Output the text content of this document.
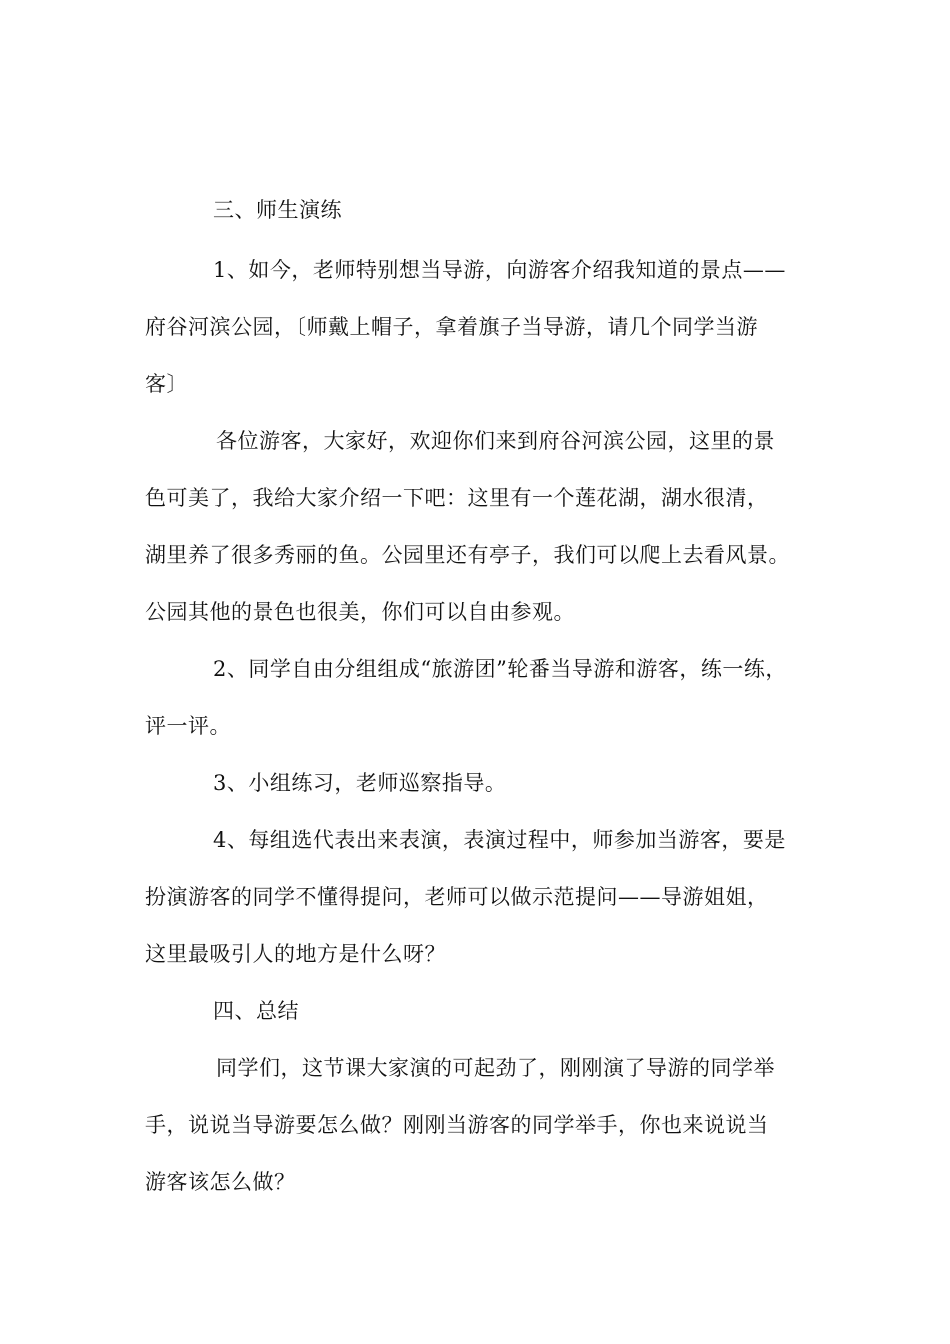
三、师生演练
1、如今，老师特别想当导游，向游客介绍我知道的景点——
府谷河滨公园，〔师戴上帽子，拿着旗子当导游，请几个同学当游
客〕
各位游客，大家好，欢迎你们来到府谷河滨公园，这里的景
色可美了，我给大家介绍一下吧：这里有一个莲花湖，湖水很清，
湖里养了很多秀丽的鱼。公园里还有亭子，我们可以爬上去看风景。
公园其他的景色也很美，你们可以自由参观。
2、同学自由分组组成“旅游团”轮番当导游和游客，练一练，
评一评。
3、小组练习，老师巡察指导。
4、每组选代表出来表演，表演过程中，师参加当游客，要是
扮演游客的同学不懂得提问，老师可以做示范提问——导游姐姐，
这里最吸引人的地方是什么呀？
四、总结
同学们，这节课大家演的可起劲了，刚刚演了导游的同学举
手，说说当导游要怎么做？刚刚当游客的同学举手，你也来说说当
游客该怎么做？
